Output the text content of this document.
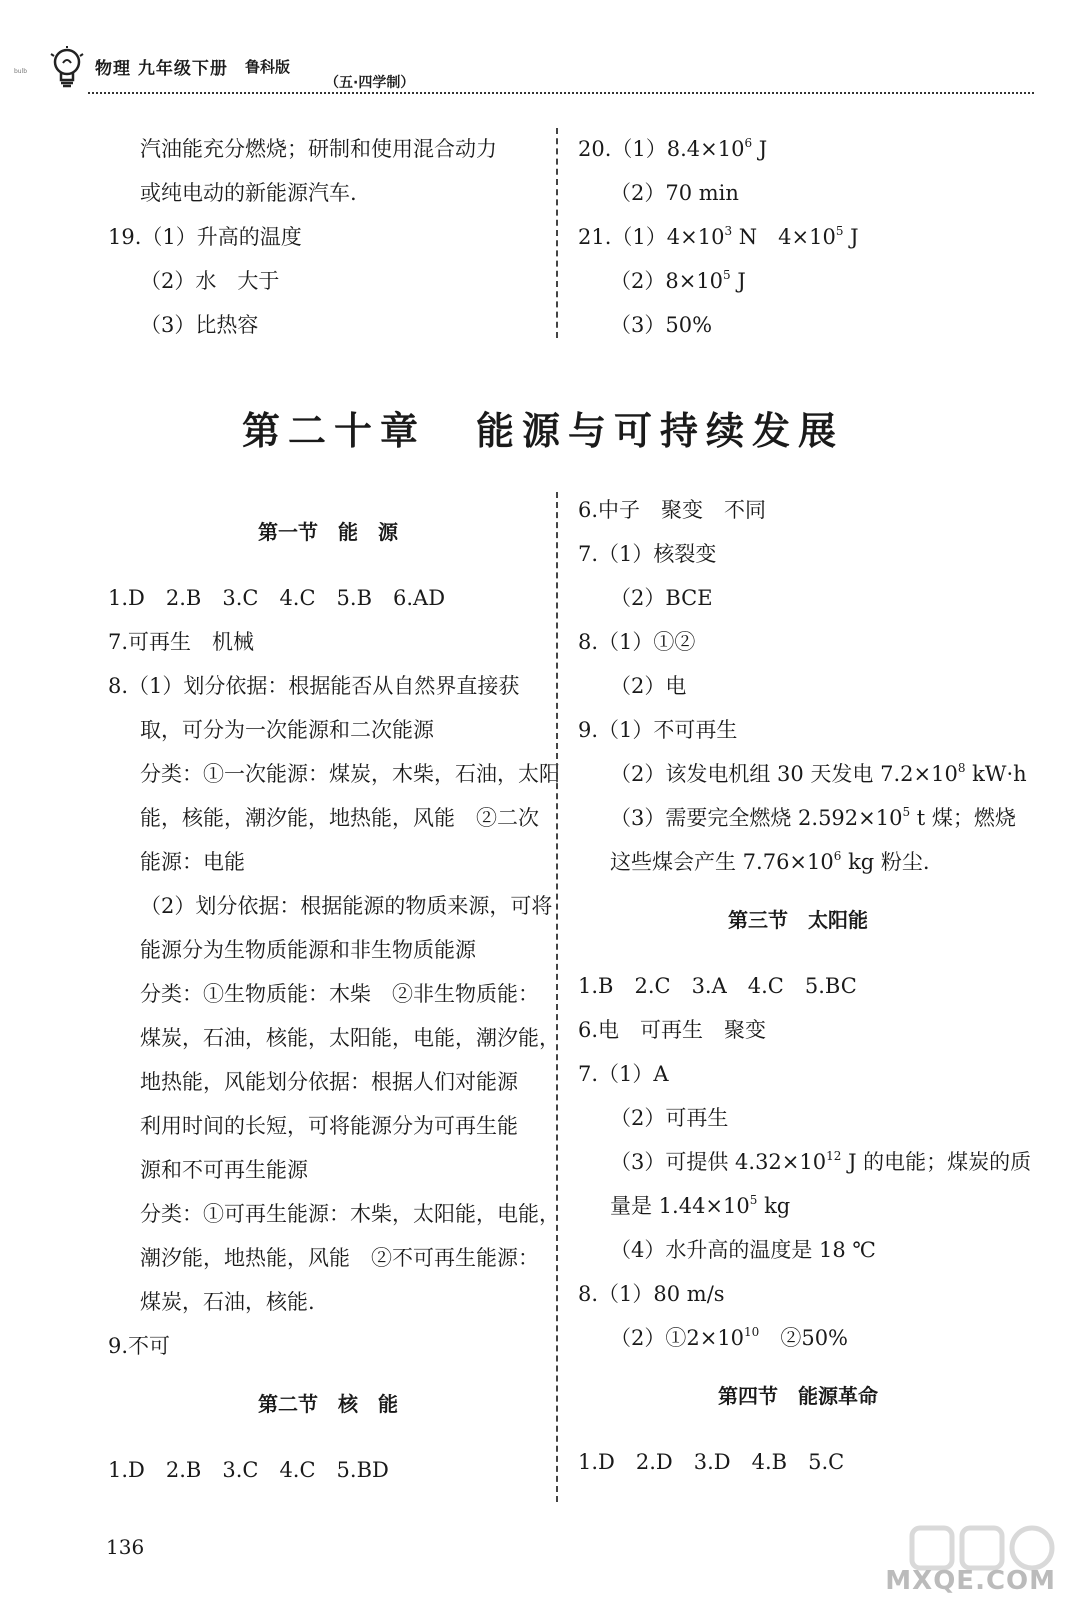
bulb	物理 九年级下册 鲁科版
（五·四学制）
汽油能充分燃烧；研制和使用混合动力
或纯电动的新能源汽车.
19.（1）升高的温度
（2）水　大于
（3）比热容
$20.(1)8.4\times 10^6$ J
（2）70 min
$21.(1)4\times 10^3$ N　$4\times 10^5$ J
$(2)8\times 10^5$ J
（3）50%
第二十章 能源与可持续发展
第一节　能　源
1.D　2.B　3.C　4.C　5.B　6.AD
7.可再生　机械
8.（1）划分依据：根据能否从自然界直接获
取，可分为一次能源和二次能源
分类：①一次能源：煤炭，木柴，石油，太阳
能，核能，潮汐能，地热能，风能　②二次
能源：电能
（2）划分依据：根据能源的物质来源，可将
能源分为生物质能源和非生物质能源
分类：①生物质能：木柴　②非生物质能：
煤炭，石油，核能，太阳能，电能，潮汐能，
地热能，风能划分依据：根据人们对能源
利用时间的长短，可将能源分为可再生能
源和不可再生能源
分类：①可再生能源：木柴，太阳能，电能，
潮汐能，地热能，风能　②不可再生能源：
煤炭，石油，核能.
9.不可
第二节　核　能
1.D　2.B　3.C　4.C　5.BD
6.中子　聚变　不同
7.（1）核裂变
（2）BCE
8.（1）①②
（2）电
9.（1）不可再生
（2）该发电机组 30 天发电 $7.2\times 10^8$ kW·h
（3）需要完全燃烧 $2.592\times 10^5$ t 煤；燃烧
这些煤会产生 $7.76\times 10^6$ kg 粉尘.
第三节　太阳能
1.B　2.C　3.A　4.C　5.BC
6.电　可再生　聚变
7.（1）A
（2）可再生
（3）可提供 $4.32\times 10^{12}$ J 的电能；煤炭的质
量是 $1.44\times 10^5$ kg
（4）水升高的温度是 18 ℃
8.（1）80 m/s
$(2)①2\times 10^{10}$　②50%
第四节　能源革命
1.D　2.D　3.D　4.B　5.C
136
MXQE.COM
